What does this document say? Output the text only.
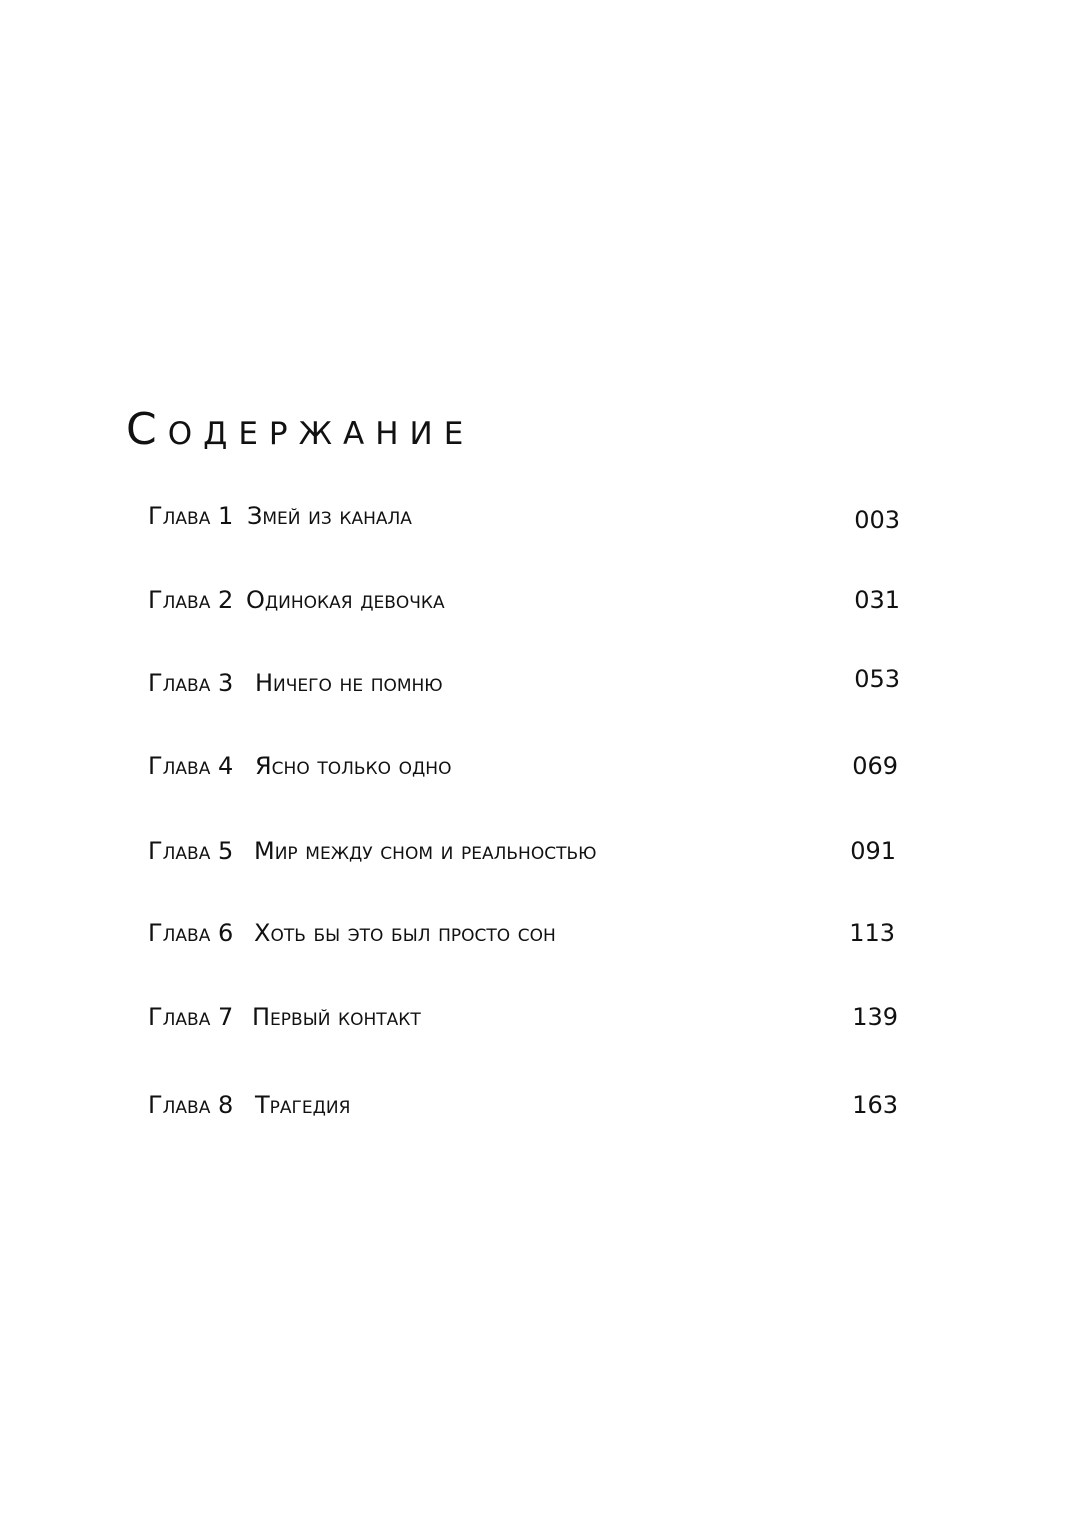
Содержание
Глава 1 Змей из канала	003
Глава 2 Одинокая девочка	031
Глава 3 Ничего не помню	053
Глава 4 Ясно только одно	069
Глава 5 Мир между сном и реальностью	091
Глава 6 Хоть бы это был просто сон	113
Глава 7 Первый контакт	139
Глава 8 Трагедия	163
